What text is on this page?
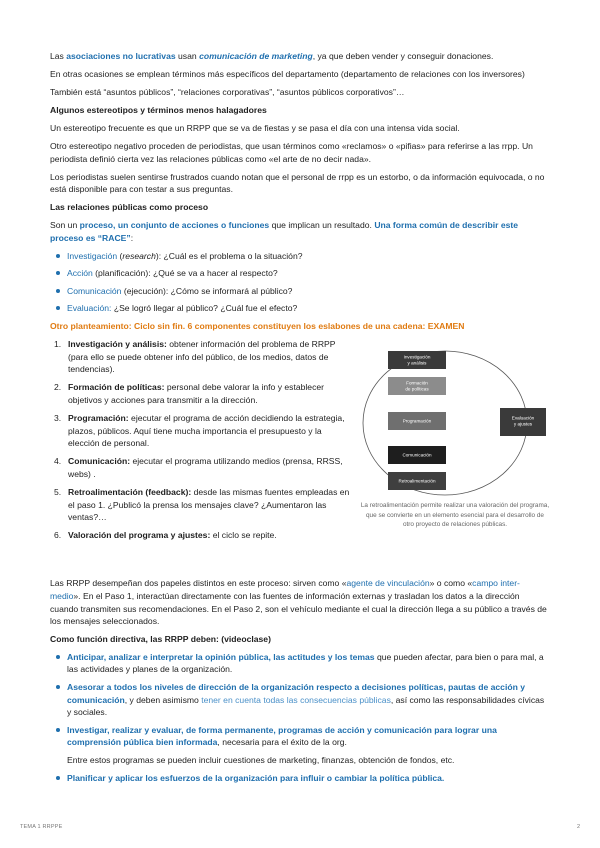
Las asociaciones no lucrativas usan comunicación de marketing, ya que deben vender y conseguir donaciones.

En otras ocasiones se emplean términos más específicos del departamento (departamento de relaciones con los inversores)

También está “asuntos públicos”, “relaciones corporativas”, “asuntos públicos corporativos”…

Algunos estereotipos y términos menos halagadores

Un estereotipo frecuente es que un RRPP que se va de fiestas y se pasa el día con una intensa vida social.

Otro estereotipo negativo proceden de periodistas, que usan términos como «reclamos» o «pifias» para referirse a las rrpp. Un periodista definió cierta vez las relaciones públicas como «el arte de no decir nada».

Los periodistas suelen sentirse frustrados cuando notan que el personal de rrpp es un estorbo, o da información equivocada, o no está disponible para con testar a sus preguntas.

Las relaciones públicas como proceso

Son un proceso, un conjunto de acciones o funciones que implican un resultado. Una forma común de describir este proceso es “RACE”:

Investigación (research): ¿Cuál es el problema o la situación?
Acción (planificación): ¿Qué se va a hacer al respecto?
Comunicación (ejecución): ¿Cómo se informará al público?
Evaluación: ¿Se logró llegar al público? ¿Cuál fue el efecto?

Otro planteamiento: Ciclo sin fin. 6 componentes constituyen los eslabones de una cadena: EXAMEN

1. Investigación y análisis: obtener información del problema de RRPP (para ello se puede obtener info del público, de los medios, datos de tendencias).
2. Formación de políticas: personal debe valorar la info y establecer objetivos y acciones para transmitir a la dirección.
3. Programación: ejecutar el programa de acción decidiendo la estrategia, plazos, públicos. Aquí tiene mucha importancia el presupuesto y la elección de personal.
4. Comunicación: ejecutar el programa utilizando medios (prensa, RRSS, webs) .
5. Retroalimentación (feedback): desde las mismas fuentes empleadas en el paso 1. ¿Publicó la prensa los mensajes clave? ¿Aumentaron las ventas?…
6. Valoración del programa y ajustes: el ciclo se repite.
Investigación
y análisis
Formación
de políticas
Programación
Comunicación
Retroalimentación
Evaluación
y ajustes
La retroalimentación permite realizar una valoración del programa, que se convierte en un elemento esencial para el desarrollo de otro proyecto de relaciones públicas.

Las RRPP desempeñan dos papeles distintos en este proceso: sirven como «agente de vinculación» o como «campo inter-medio». En el Paso 1, interactúan directamente con las fuentes de información externas y trasladan los datos a la dirección cuando transmiten sus recomendaciones. En el Paso 2, son el vehículo mediante el cual la dirección llega a su público a través de los mensajes seleccionados.

Como función directiva, las RRPP deben: (videoclase)

Anticipar, analizar e interpretar la opinión pública, las actitudes y los temas que pueden afectar, para bien o para mal, a las actividades y planes de la organización.
Asesorar a todos los niveles de dirección de la organización respecto a decisiones políticas, pautas de acción y comunicación, y deben asimismo tener en cuenta todas las consecuencias públicas, así como las responsabilidades cívicas y sociales.
Investigar, realizar y evaluar, de forma permanente, programas de acción y comunicación para lograr una comprensión pública bien informada, necesaria para el éxito de la org.

Entre estos programas se pueden incluir cuestiones de marketing, finanzas, obtención de fondos, etc.

Planificar y aplicar los esfuerzos de la organización para influir o cambiar la política pública.
TEMA 1 RRPPE	2
